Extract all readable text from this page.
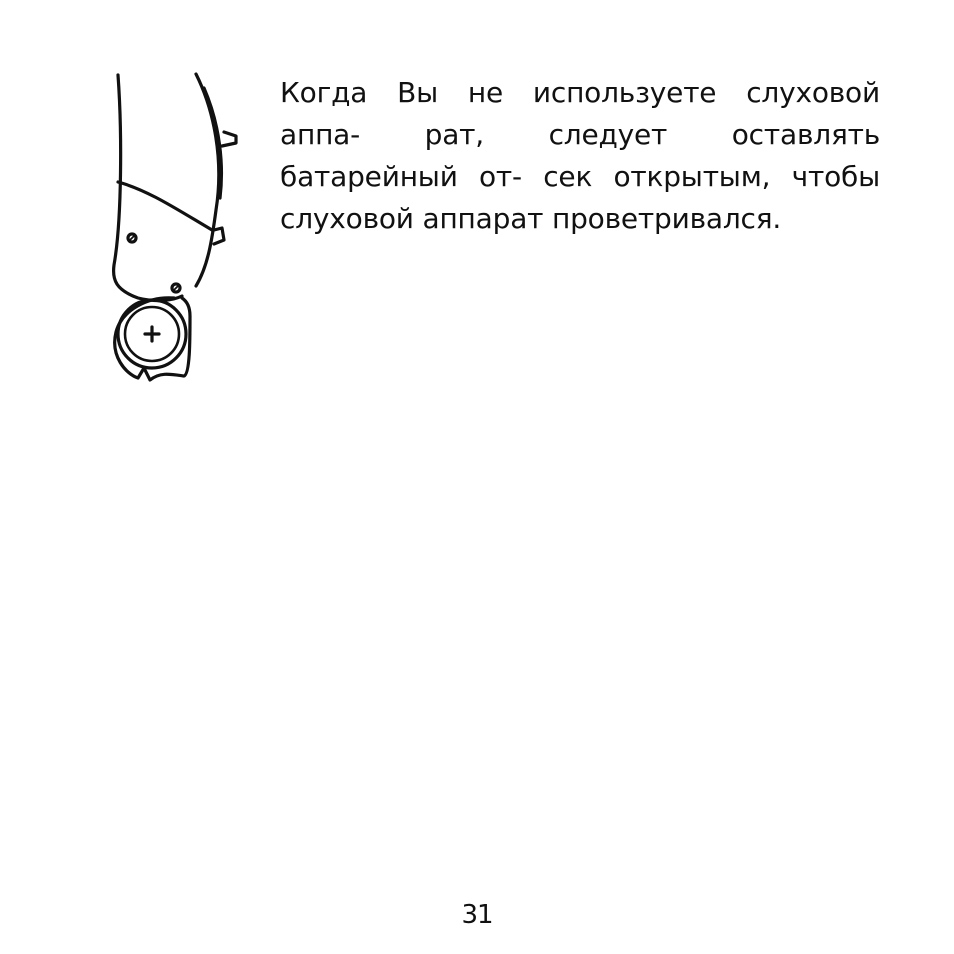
Когда Вы не используете слуховой аппа- рат, следует оставлять батарейный от- сек открытым, чтобы слуховой аппарат проветривался.

31
